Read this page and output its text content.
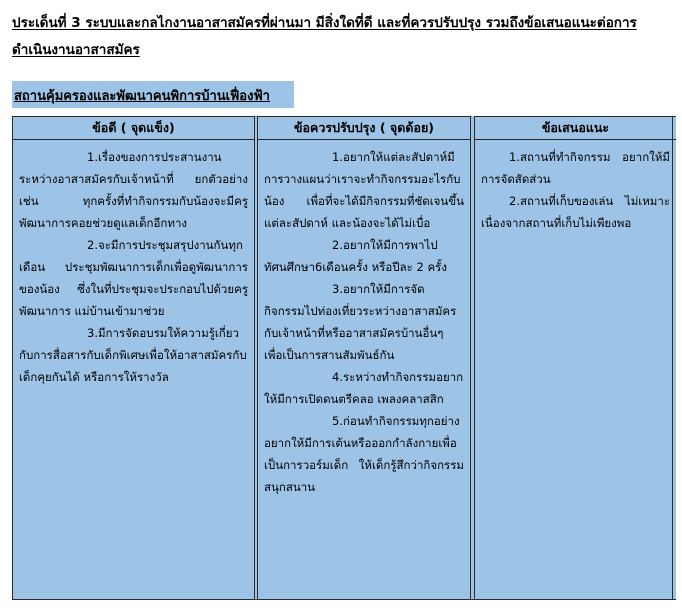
ประเด็นที่ 3 ระบบและกลไกงานอาสาสมัครที่ผ่านมา มีสิ่งใดที่ดี และที่ควรปรับปรุง รวมถึงข้อเสนอแนะต่อการดำเนินงานอาสาสมัคร
สถานคุ้มครองและพัฒนาคนพิการบ้านเฟื่องฟ้า
ข้อดี ( จุดแข็ง)

1.เรื่องของการประสานงานระหว่างอาสาสมัครกับเจ้าหน้าที่ ยกตัวอย่างเช่น ทุกครั้งที่ทำกิจกรรมกับน้องจะมีครูพัฒนาการคอยช่วยดูแลเด็กอีกทาง

2.จะมีการประชุมสรุปงานกันทุกเดือน ประชุมพัฒนาการเด็กเพื่อดูพัฒนาการของน้อง ซึ่งในที่ประชุมจะประกอบไปด้วยครูพัฒนาการ แม่บ้านเข้ามาช่วย

3.มีการจัดอบรมให้ความรู้เกี่ยวกับการสื่อสารกับเด็กพิเศษเพื่อให้อาสาสมัครกับเด็กคุยกันได้ หรือการให้รางวัล

ข้อควรปรับปรุง ( จุดด้อย)

1.อยากให้แต่ละสัปดาห์มีการวางแผนว่าเราจะทำกิจกรรมอะไรกับน้อง เพื่อที่จะได้มีกิจกรรมที่ชัดเจนขึ้นแต่ละสัปดาห์ และน้องจะได้ไม่เบื่อ

2.อยากให้มีการพาไปทัศนศึกษา6เดือนครั้ง หรือปีละ 2 ครั้ง

3.อยากให้มีการจัดกิจกรรมไปท่องเที่ยวระหว่างอาสาสมัครกับเจ้าหน้าที่หรืออาสาสมัครบ้านอื่นๆ เพื่อเป็นการสานสัมพันธ์กัน

4.ระหว่างทำกิจกรรมอยากให้มีการเปิดดนตรีคลอ เพลงคลาสสิก

5.ก่อนทำกิจกรรมทุกอย่างอยากให้มีการเต้นหรือออกกำลังกายเพื่อเป็นการวอร์มเด็ก ให้เด็กรู้สึกว่ากิจกรรมสนุกสนาน

ข้อเสนอแนะ

1.สถานที่ทำกิจกรรม อยากให้มีการจัดสัดส่วน

2.สถานที่เก็บของเล่น ไม่เหมาะ เนื่องจากสถานที่เก็บไม่เพียงพอ
